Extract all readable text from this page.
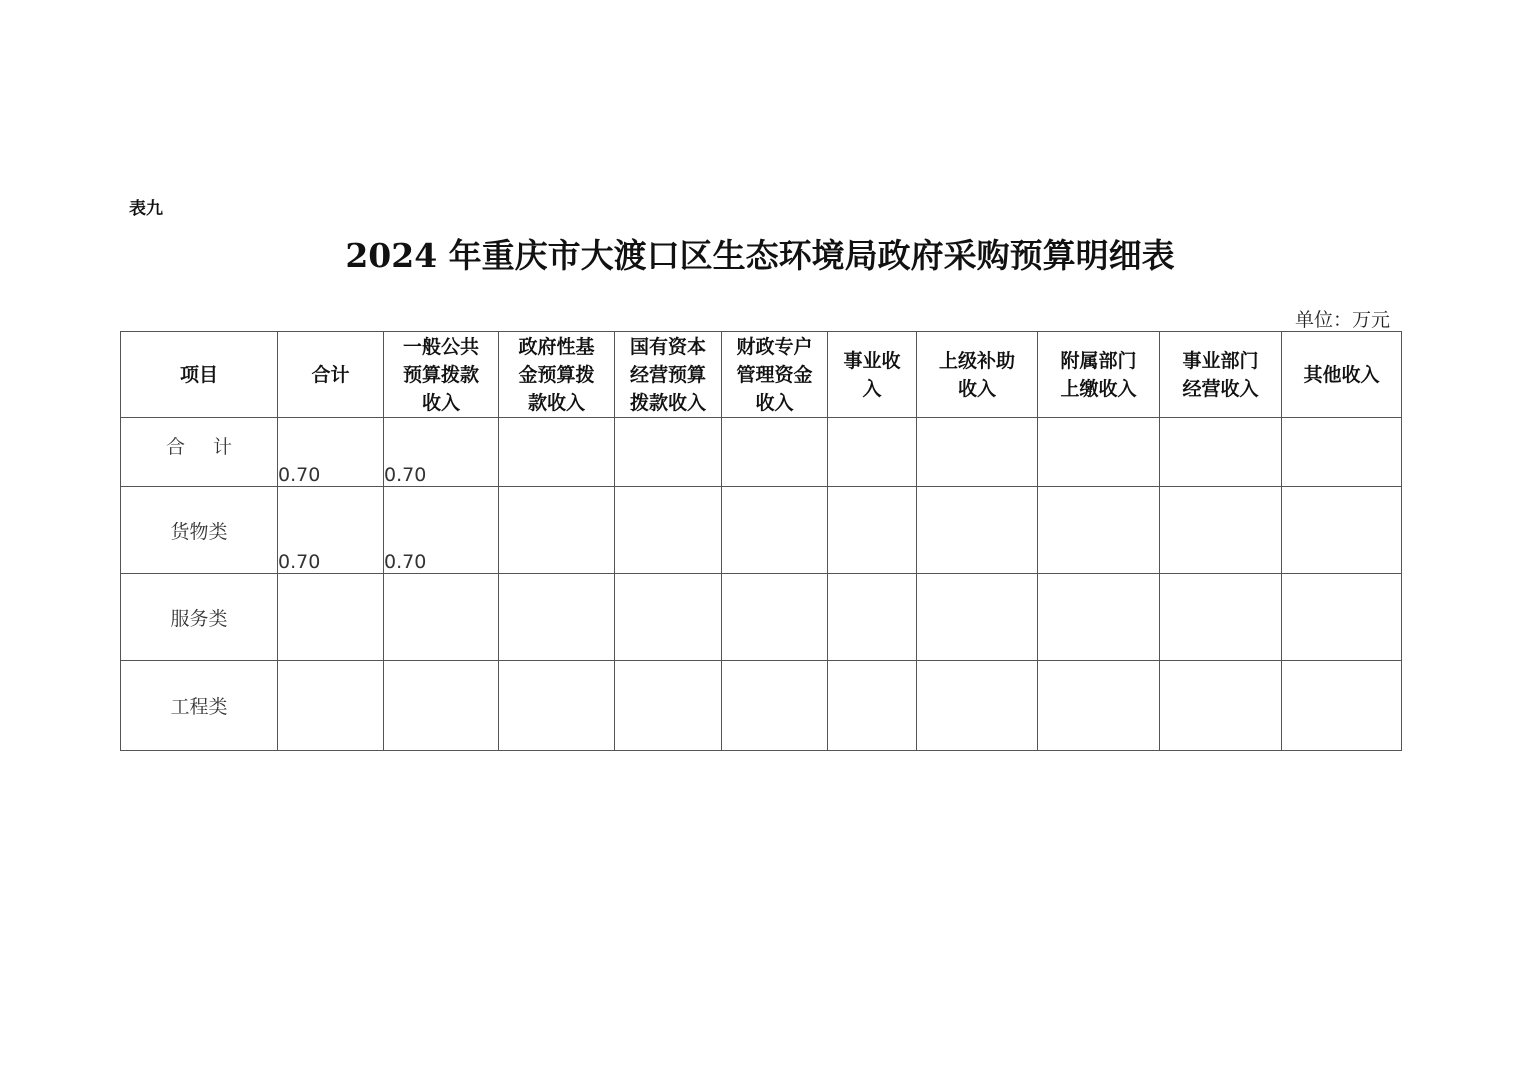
表九
2024 年重庆市大渡口区生态环境局政府采购预算明细表
单位：万元
项目	合计	一般公共
预算拨款
收入	政府性基
金预算拨
款收入	国有资本
经营预算
拨款收入	财政专户
管理资金
收入	事业收
入	上级补助
收入	附属部门
上缴收入	事业部门
经营收入	其他收入
合计	0.70	0.70								
货物类	0.70	0.70								
服务类										
工程类										
